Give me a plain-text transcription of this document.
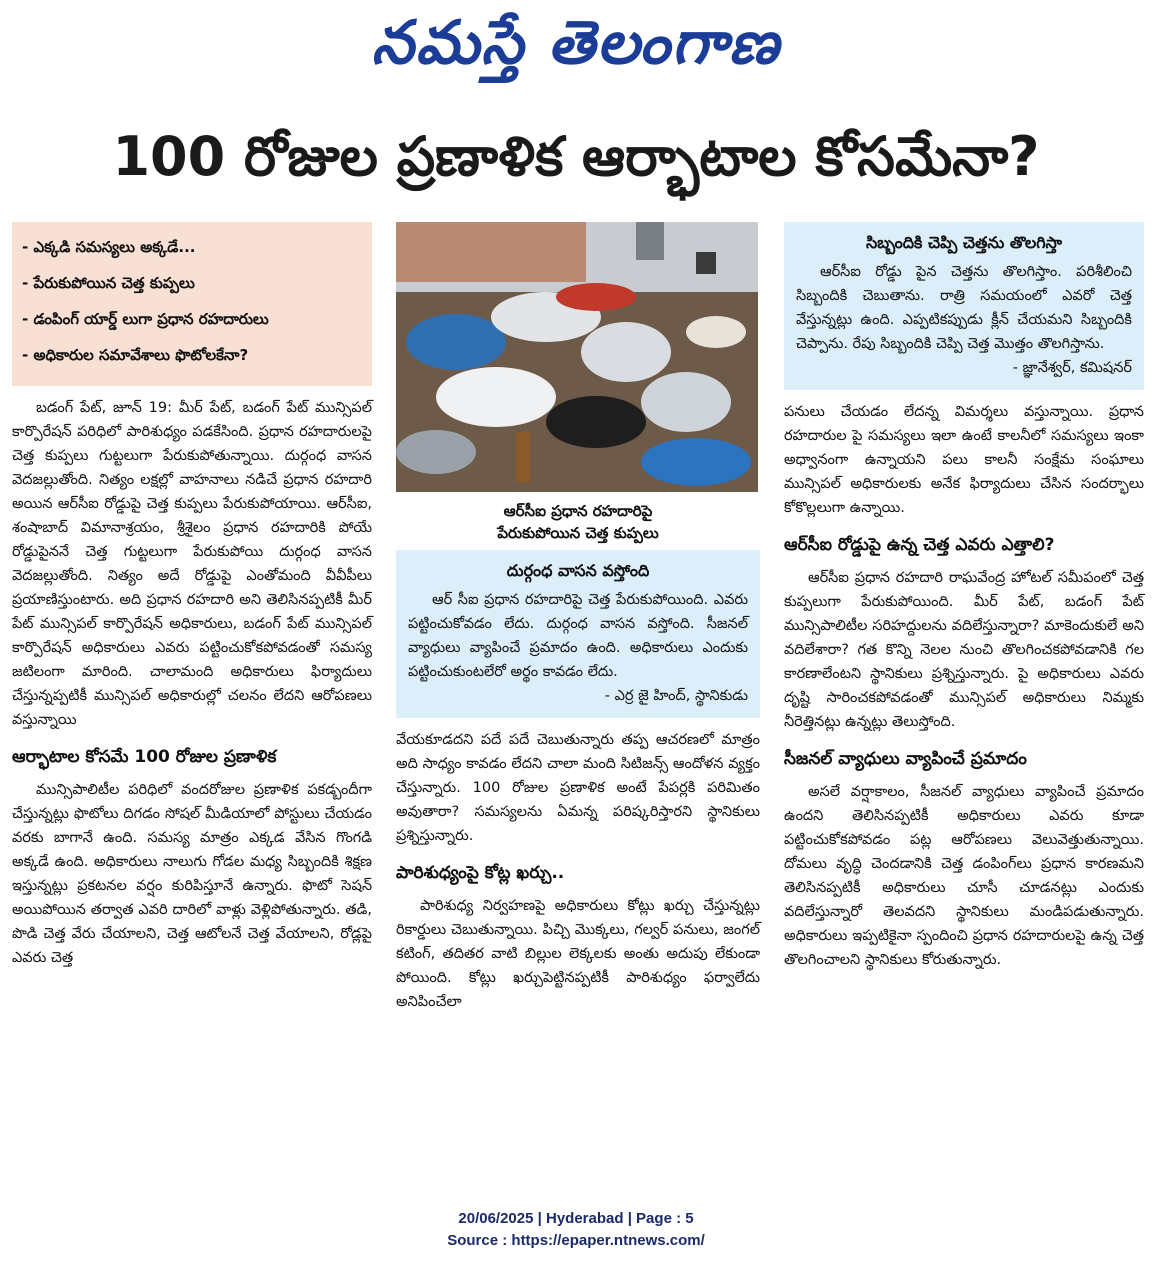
నమస్తే తెలంగాణ
100 రోజుల ప్రణాళిక ఆర్భాటాల కోసమేనా?
- ఎక్కడి సమస్యలు అక్కడే...
- పేరుకుపోయిన చెత్త కుప్పలు
- డంపింగ్ యార్డ్ లుగా ప్రధాన రహదారులు
- అధికారుల సమావేశాలు ఫొటోలకేనా?

బడంగ్ పేట్, జూన్ 19: మీర్ పేట్, బడంగ్ పేట్ మున్సిపల్ కార్పొరేషన్ పరిధిలో పారిశుధ్యం పడకేసింది. ప్రధాన రహదారులపై చెత్త కుప్పలు గుట్టలుగా పేరుకుపోతున్నాయి. దుర్గంధ వాసన వెదజల్లుతోంది. నిత్యం లక్షల్లో వాహనాలు నడిచే ప్రధాన రహదారి అయిన ఆర్‌సీఐ రోడ్డుపై చెత్త కుప్పలు పేరుకుపోయాయి. ఆర్‌సీఐ, శంషాబాద్ విమానాశ్రయం, శ్రీశైలం ప్రధాన రహదారికి పోయే రోడ్డుపైననే చెత్త గుట్టలుగా పేరుకుపోయి దుర్గంధ వాసన వెదజల్లుతోంది. నిత్యం అదే రోడ్డుపై ఎంతోమంది వీవీపీలు ప్రయాణిస్తుంటారు. అది ప్రధాన రహదారి అని తెలిసినప్పటికీ మీర్ పేట్ మున్సిపల్ కార్పొరేషన్ అధికారులు, బడంగ్ పేట్ మున్సిపల్ కార్పొరేషన్ అధికారులు ఎవరు పట్టించుకోకపోవడంతో సమస్య జటిలంగా మారింది. చాలామంది అధికారులు ఫిర్యాదులు చేస్తున్నప్పటికీ మున్సిపల్ అధికారుల్లో చలనం లేదని ఆరోపణలు వస్తున్నాయి

ఆర్భాటాల కోసమే 100 రోజుల ప్రణాళిక

మున్సిపాలిటీల పరిధిలో వందరోజుల ప్రణాళిక పకడ్బందీగా చేస్తున్నట్లు ఫొటోలు దిగడం సోషల్ మీడియాలో పోస్టులు చేయడం వరకు బాగానే ఉంది. సమస్య మాత్రం ఎక్కడ వేసిన గొంగడి అక్కడే ఉంది. అధికారులు నాలుగు గోడల మధ్య సిబ్బందికి శిక్షణ ఇస్తున్నట్లు ప్రకటనల వర్షం కురిపిస్తూనే ఉన్నారు. ఫొటో సెషన్ అయిపోయిన తర్వాత ఎవరి దారిలో వాళ్లు వెళ్లిపోతున్నారు. తడి, పొడి చెత్త వేరు చేయాలని, చెత్త ఆటోలనే చెత్త వేయాలని, రోడ్లపై ఎవరు చెత్త

ఆర్‌సీఐ ప్రధాన రహదారిపై
పేరుకుపోయిన చెత్త కుప్పలు
దుర్గంధ వాసన వస్తోంది

ఆర్ సీఐ ప్రధాన రహదారిపై చెత్త పేరుకుపోయింది. ఎవరు పట్టించుకోవడం లేదు. దుర్గంధ వాసన వస్తోంది. సీజనల్ వ్యాధులు వ్యాపించే ప్రమాదం ఉంది. అధికారులు ఎందుకు పట్టించుకుంటలేరో అర్థం కావడం లేదు.

- ఎర్ర జై హింద్, స్థానికుడు

వేయకూడదని పదే పదే చెబుతున్నారు తప్ప ఆచరణలో మాత్రం అది సాధ్యం కావడం లేదని చాలా మంది సిటిజన్స్ ఆందోళన వ్యక్తం చేస్తున్నారు. 100 రోజుల ప్రణాళిక అంటే పేపర్లకి పరిమితం అవుతారా? సమస్యలను ఏమన్న పరిష్కరిస్తారని స్థానికులు ప్రశ్నిస్తున్నారు.

పారిశుధ్యంపై కోట్ల ఖర్చు..

పారిశుధ్య నిర్వహణపై అధికారులు కోట్లు ఖర్చు చేస్తున్నట్లు రికార్డులు చెబుతున్నాయి. పిచ్చి మొక్కలు, గల్వర్ పనులు, జంగల్ కటింగ్, తదితర వాటి బిల్లుల లెక్కలకు అంతు అదుపు లేకుండా పోయింది. కోట్లు ఖర్చుపెట్టినప్పటికీ పారిశుధ్యం ఫర్వాలేదు అనిపించేలా

సిబ్బందికి చెప్పి చెత్తను తొలగిస్తా

ఆర్‌సీఐ రోడ్డు పైన చెత్తను తొలగిస్తాం. పరిశీలించి సిబ్బందికి చెబుతాను. రాత్రి సమయంలో ఎవరో చెత్త వేస్తున్నట్లు ఉంది. ఎప్పటికప్పుడు క్లీన్ చేయమని సిబ్బందికి చెప్పాను. రేపు సిబ్బందికి చెప్పి చెత్త మొత్తం తొలగిస్తాను.

- జ్ఞానేశ్వర్, కమిషనర్

పనులు చేయడం లేదన్న విమర్శలు వస్తున్నాయి. ప్రధాన రహదారుల పై సమస్యలు ఇలా ఉంటే కాలనీలో సమస్యలు ఇంకా అధ్వానంగా ఉన్నాయని పలు కాలనీ సంక్షేమ సంఘాలు మున్సిపల్ అధికారులకు అనేక ఫిర్యాదులు చేసిన సందర్భాలు కోకొల్లలుగా ఉన్నాయి.

ఆర్‌సీఐ రోడ్డుపై ఉన్న చెత్త ఎవరు ఎత్తాలి?

ఆర్‌సీఐ ప్రధాన రహదారి రాఘవేంద్ర హోటల్ సమీపంలో చెత్త కుప్పలుగా పేరుకుపోయింది. మీర్ పేట్, బడంగ్ పేట్ మున్సిపాలిటీల సరిహద్దులను వదిలేస్తున్నారా? మాకెందుకులే అని వదిలేశారా? గత కొన్ని నెలల నుంచి తొలగించకపోవడానికి గల కారణాలేంటని స్థానికులు ప్రశ్నిస్తున్నారు. పై అధికారులు ఎవరు దృష్టి సారించకపోవడంతో మున్సిపల్ అధికారులు నిమ్మకు నీరెత్తినట్లు ఉన్నట్లు తెలుస్తోంది.

సీజనల్ వ్యాధులు వ్యాపించే ప్రమాదం

అసలే వర్షాకాలం, సీజనల్ వ్యాధులు వ్యాపించే ప్రమాదం ఉందని తెలిసినప్పటికీ అధికారులు ఎవరు కూడా పట్టించుకోకపోవడం పట్ల ఆరోపణలు వెలువెత్తుతున్నాయి. దోమలు వృద్ధి చెందడానికి చెత్త డంపింగ్‌లు ప్రధాన కారణమని తెలిసినప్పటికీ అధికారులు చూసీ చూడనట్లు ఎందుకు వదిలేస్తున్నారో తెలవదని స్థానికులు మండిపడుతున్నారు. అధికారులు ఇప్పటికైనా స్పందించి ప్రధాన రహదారులపై ఉన్న చెత్త తొలగించాలని స్థానికులు కోరుతున్నారు.

20/06/2025 | Hyderabad | Page : 5
Source : https://epaper.ntnews.com/
